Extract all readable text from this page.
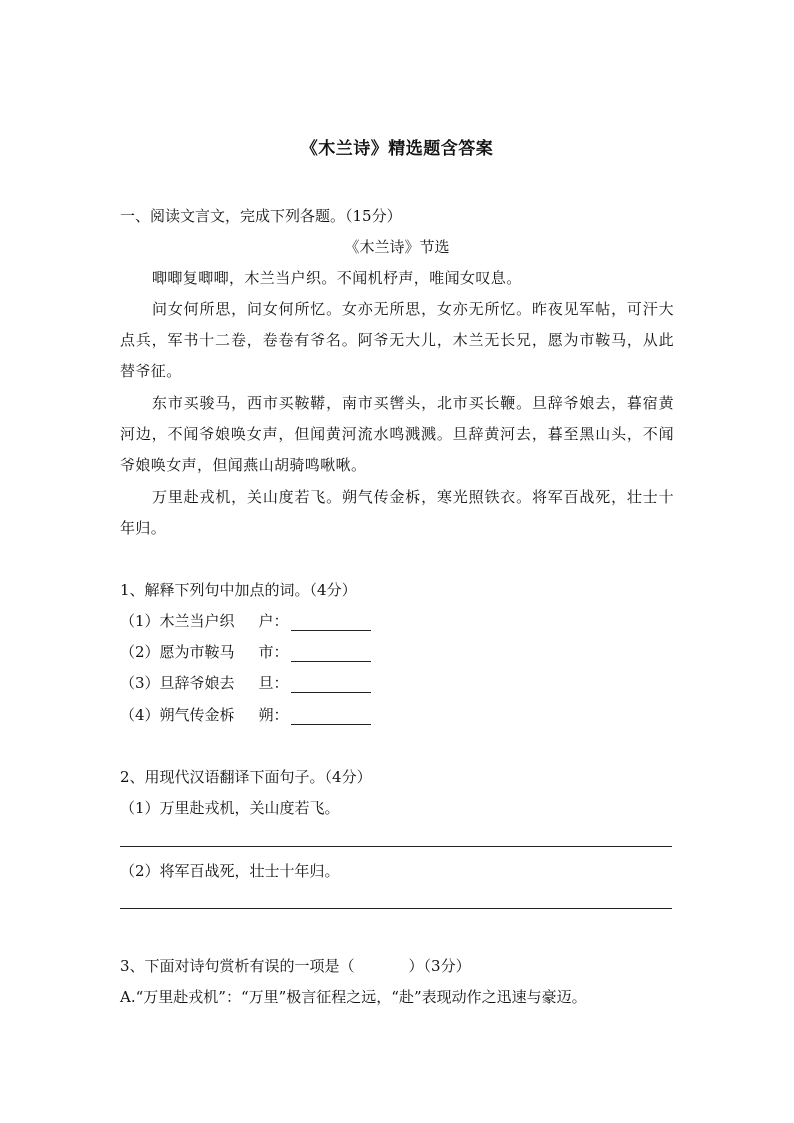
《木兰诗》精选题含答案
一、阅读文言文，完成下列各题。（15分）
《木兰诗》节选
唧唧复唧唧，木兰当户织。不闻机杼声，唯闻女叹息。
问女何所思，问女何所忆。女亦无所思，女亦无所忆。昨夜见军帖，可汗大点兵，军书十二卷，卷卷有爷名。阿爷无大儿，木兰无长兄，愿为市鞍马，从此替爷征。
东市买骏马，西市买鞍鞯，南市买辔头，北市买长鞭。旦辞爷娘去，暮宿黄河边，不闻爷娘唤女声，但闻黄河流水鸣溅溅。旦辞黄河去，暮至黑山头，不闻爷娘唤女声，但闻燕山胡骑鸣啾啾。
万里赴戎机，关山度若飞。朔气传金柝，寒光照铁衣。将军百战死，壮士十年归。
1、解释下列句中加点的词。（4分）
（1）木兰当户织 户：
（2）愿为市鞍马 市：
（3）旦辞爷娘去 旦：
（4）朔气传金柝 朔：
2、用现代汉语翻译下面句子。（4分）
（1）万里赴戎机，关山度若飞。
（2）将军百战死，壮士十年归。
3、下面对诗句赏析有误的一项是（	）（3分）
A.“万里赴戎机”：“万里”极言征程之远，“赴”表现动作之迅速与豪迈。
